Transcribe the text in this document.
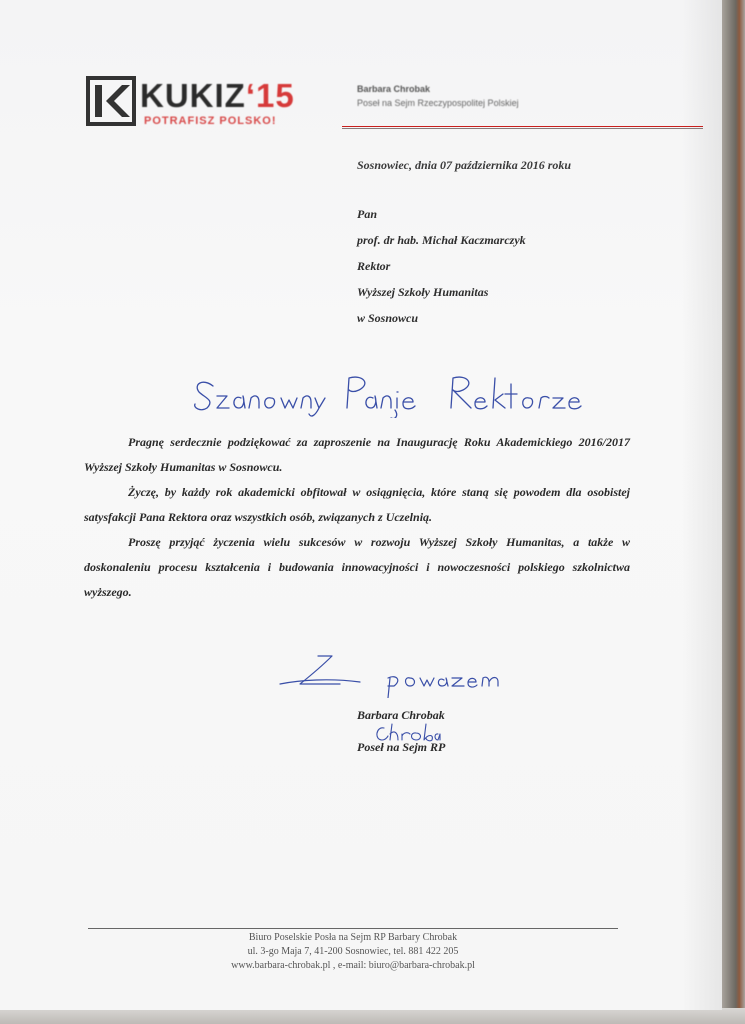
KUKIZ‘15
POTRAFISZ POLSKO!
Barbara Chrobak
Poseł na Sejm Rzeczypospolitej Polskiej
Sosnowiec, dnia 07 października 2016 roku
Pan
prof. dr hab. Michał Kaczmarczyk
Rektor
Wyższej Szkoły Humanitas
w Sosnowcu
Pragnę serdecznie podziękować za zaproszenie na Inaugurację Roku Akademickiego 2016/2017 Wyższej Szkoły Humanitas w Sosnowcu.
Życzę, by każdy rok akademicki obfitował w osiągnięcia, które staną się powodem dla osobistej satysfakcji Pana Rektora oraz wszystkich osób, związanych z Uczelnią.
Proszę przyjąć życzenia wielu sukcesów w rozwoju Wyższej Szkoły Humanitas, a także w doskonaleniu procesu kształcenia i budowania innowacyjności i nowoczesności polskiego szkolnictwa wyższego.
Barbara Chrobak
Poseł na Sejm RP
Biuro Poselskie Posła na Sejm RP Barbary Chrobak
ul. 3-go Maja 7, 41-200 Sosnowiec, tel. 881 422 205
www.barbara-chrobak.pl , e-mail: biuro@barbara-chrobak.pl
